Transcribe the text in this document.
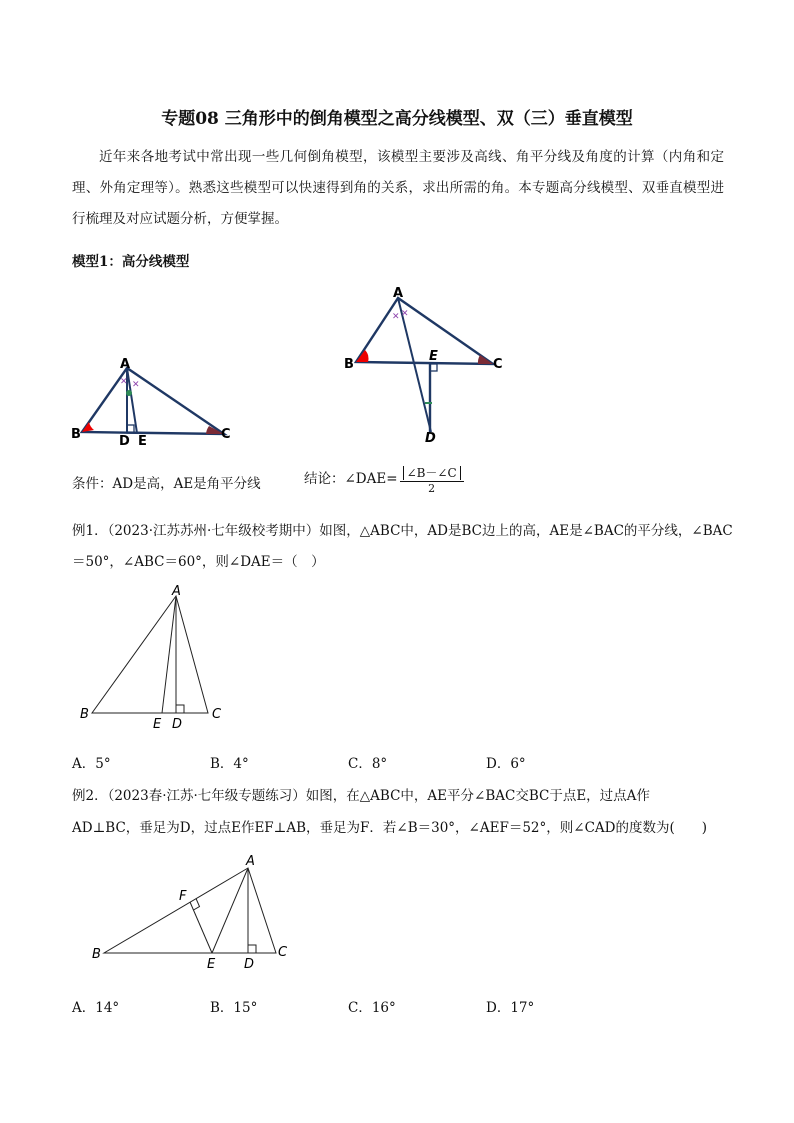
专题08 三角形中的倒角模型之高分线模型、双（三）垂直模型
近年来各地考试中常出现一些几何倒角模型，该模型主要涉及高线、角平分线及角度的计算（内角和定理、外角定理等）。熟悉这些模型可以快速得到角的关系，求出所需的角。本专题高分线模型、双垂直模型进行梳理及对应试题分析，方便掌握。
模型1：高分线模型
✕ ✕
A
B	D E	C
✕ ✕
A
B
E
C
D
条件：AD是高，AE是角平分线	结论：∠DAE= $\frac{\angle B-\angle C}{2}$
例1．（2023·江苏苏州·七年级校考期中）如图，△ABC中，AD是BC边上的高，AE是∠BAC的平分线，∠BAC
＝50°，∠ABC＝60°，则∠DAE＝（　）
A
B
E D
C
A．5°	B．4°	C．8°	D．6°
例2．（2023春·江苏·七年级专题练习）如图，在△ABC中，AE平分∠BAC交BC于点E，过点A作
AD⊥BC，垂足为D，过点E作EF⊥AB，垂足为F．若∠B＝30°，∠AEF＝52°，则∠CAD的度数为(　　)
A
F
B
E D
C
A．14°	B．15°	C．16°	D．17°
